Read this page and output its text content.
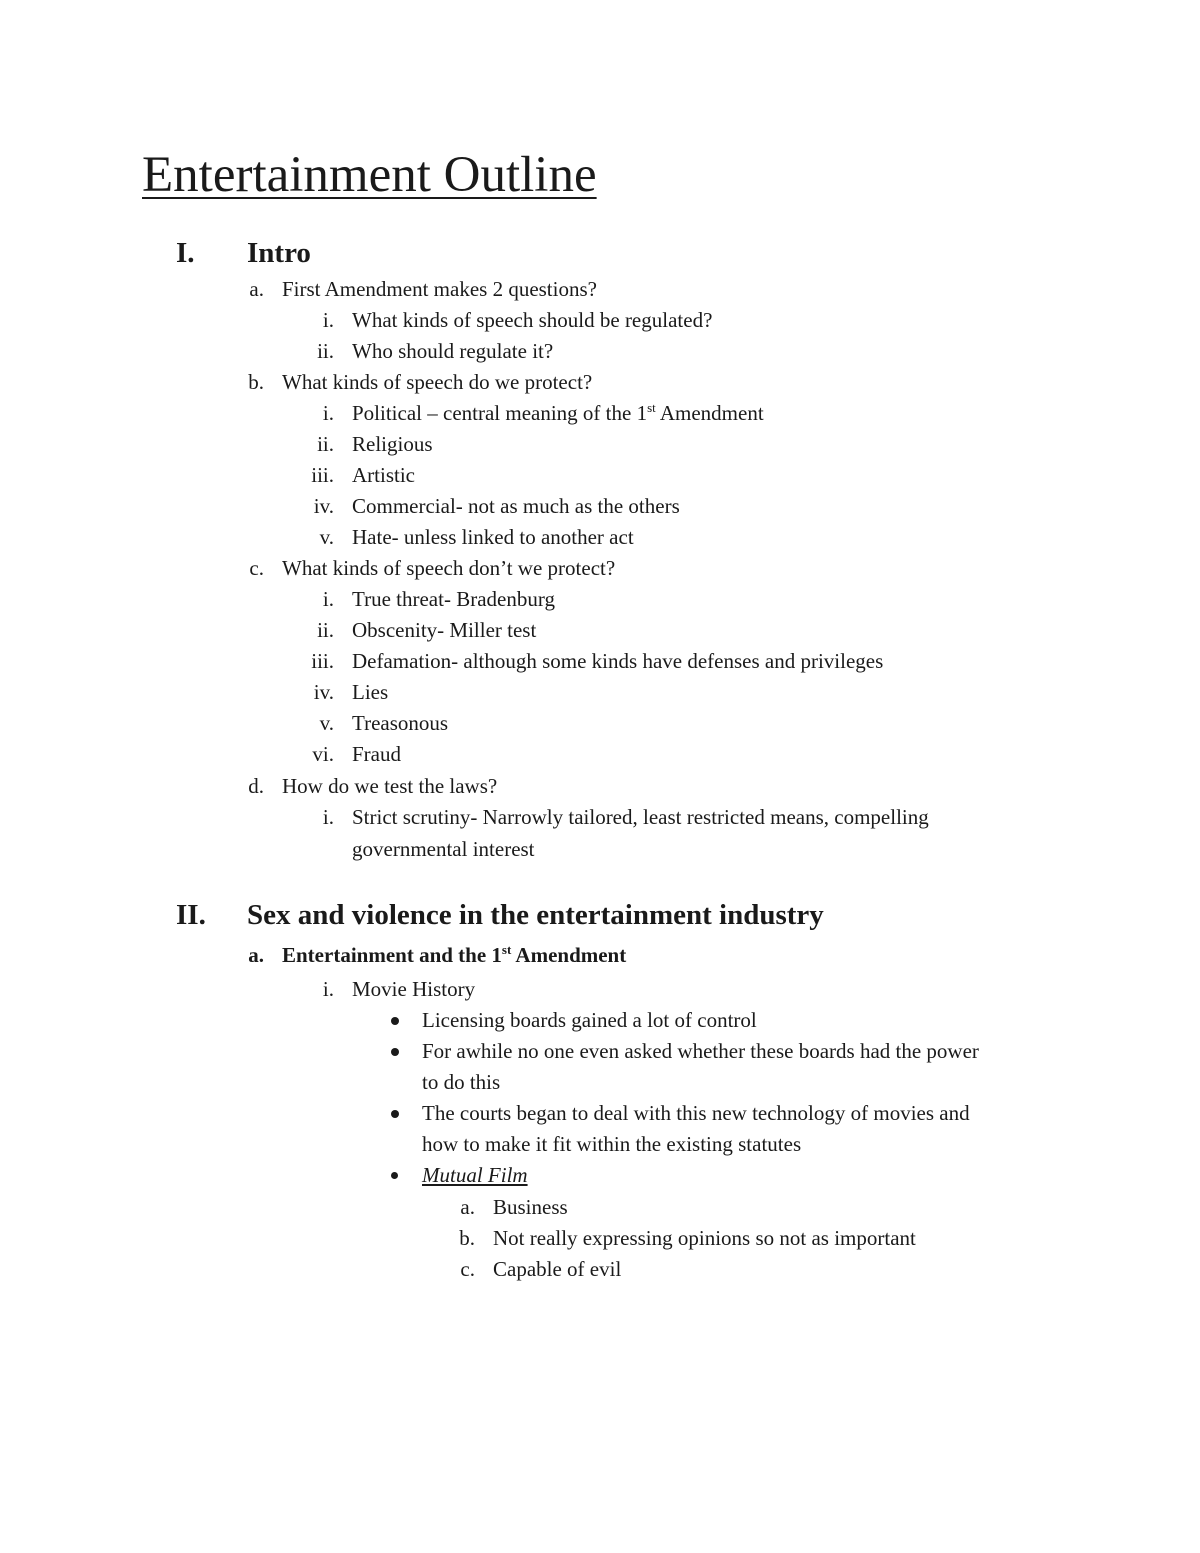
Entertainment Outline
I. Intro
a. First Amendment makes 2 questions?
i. What kinds of speech should be regulated?
ii. Who should regulate it?
b. What kinds of speech do we protect?
i. Political – central meaning of the 1st Amendment
ii. Religious
iii. Artistic
iv. Commercial- not as much as the others
v. Hate- unless linked to another act
c. What kinds of speech don’t we protect?
i. True threat- Bradenburg
ii. Obscenity- Miller test
iii. Defamation- although some kinds have defenses and privileges
iv. Lies
v. Treasonous
vi. Fraud
d. How do we test the laws?
i. Strict scrutiny- Narrowly tailored, least restricted means, compelling
governmental interest
II. Sex and violence in the entertainment industry
a. Entertainment and the 1st Amendment
i. Movie History
Licensing boards gained a lot of control
For awhile no one even asked whether these boards had the power
to do this
The courts began to deal with this new technology of movies and
how to make it fit within the existing statutes
Mutual Film
a. Business
b. Not really expressing opinions so not as important
c. Capable of evil
